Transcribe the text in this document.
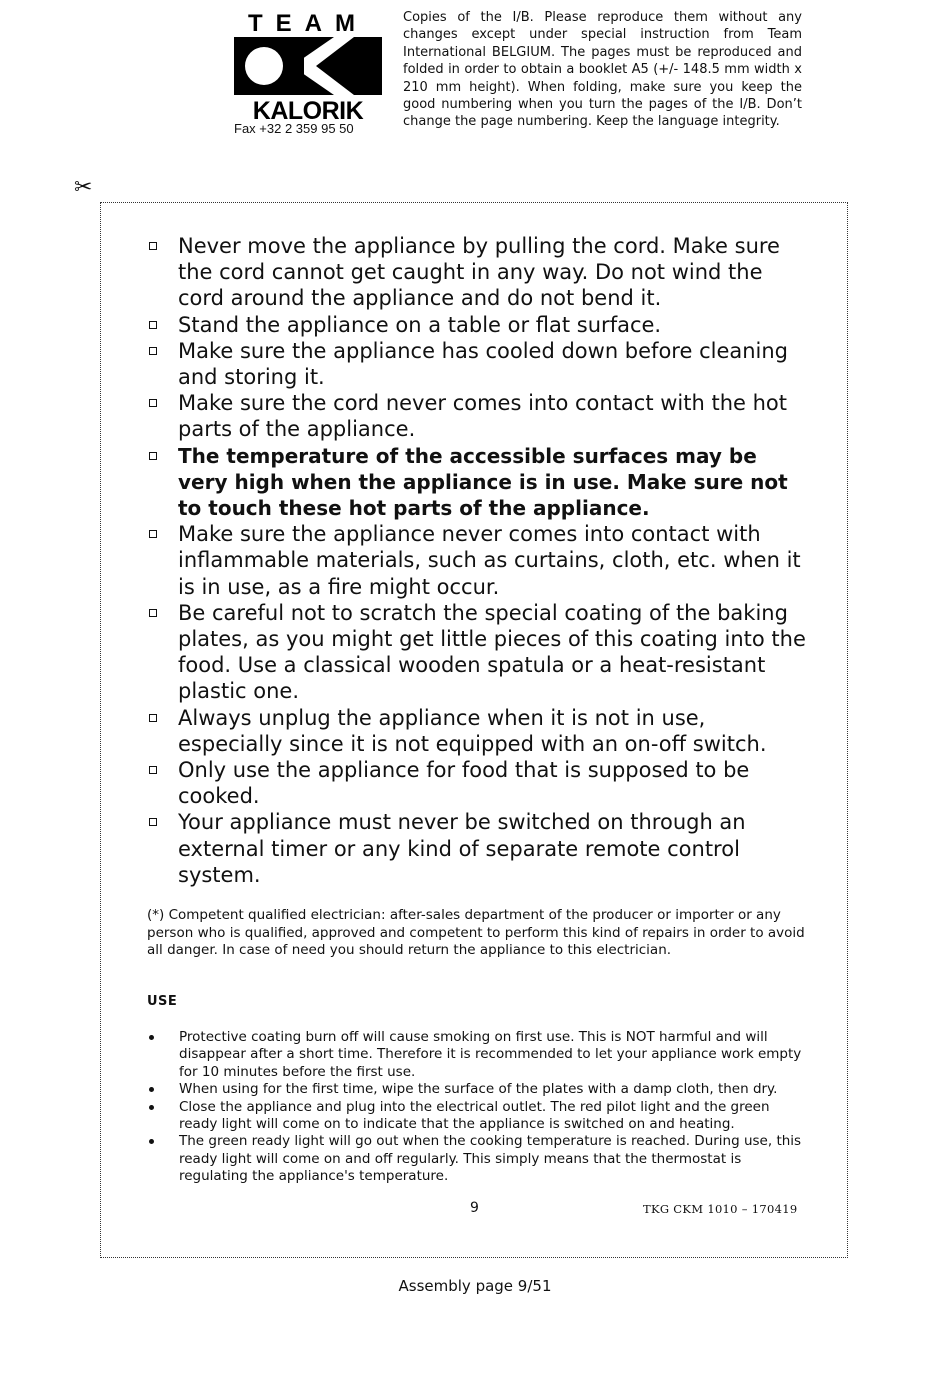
TEAM
KALORIK
Fax +32 2 359 95 50
Copies of the I/B. Please reproduce them without any changes except under special instruction from Team International BELGIUM. The pages must be reproduced and folded in order to obtain a booklet A5 (+/- 148.5 mm width x 210 mm height). When folding, make sure you keep the good numbering when you turn the pages of the I/B. Don’t change the page numbering. Keep the language integrity.
✂
Never move the appliance by pulling the cord. Make sure the cord cannot get caught in any way. Do not wind the cord around the appliance and do not bend it.
Stand the appliance on a table or flat surface.
Make sure the appliance has cooled down before cleaning and storing it.
Make sure the cord never comes into contact with the hot parts of the appliance.
The temperature of the accessible surfaces may be very high when the appliance is in use. Make sure not to touch these hot parts of the appliance.
Make sure the appliance never comes into contact with inflammable materials, such as curtains, cloth, etc. when it is in use, as a fire might occur.
Be careful not to scratch the special coating of the baking plates, as you might get little pieces of this coating into the food. Use a classical wooden spatula or a heat-resistant plastic one.
Always unplug the appliance when it is not in use, especially since it is not equipped with an on-off switch.
Only use the appliance for food that is supposed to be cooked.
Your appliance must never be switched on through an external timer or any kind of separate remote control system.
(*) Competent qualified electrician: after-sales department of the producer or importer or any person who is qualified, approved and competent to perform this kind of repairs in order to avoid all danger. In case of need you should return the appliance to this electrician.
USE
Protective coating burn off will cause smoking on first use. This is NOT harmful and will disappear after a short time. Therefore it is recommended to let your appliance work empty for 10 minutes before the first use.
When using for the first time, wipe the surface of the plates with a damp cloth, then dry.
Close the appliance and plug into the electrical outlet. The red pilot light and the green ready light will come on to indicate that the appliance is switched on and heating.
The green ready light will go out when the cooking temperature is reached. During use, this ready light will come on and off regularly. This simply means that the thermostat is regulating the appliance's temperature.
9	TKG CKM 1010 – 170419
Assembly page 9/51
